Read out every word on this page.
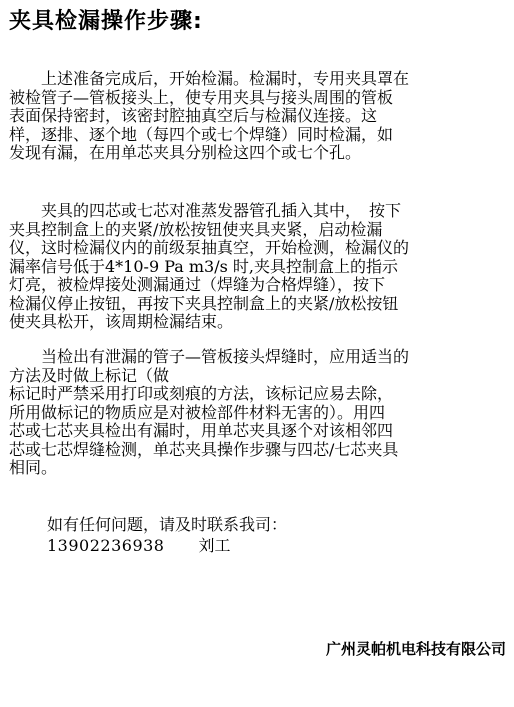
夹具检漏操作步骤:
　　上述准备完成后，开始检漏。检漏时，专用夹具罩在
被检管子—管板接头上，使专用夹具与接头周围的管板
表面保持密封，该密封腔抽真空后与检漏仪连接。这
样，逐排、逐个地（每四个或七个焊缝）同时检漏，如
发现有漏，在用单芯夹具分别检这四个或七个孔。
　　夹具的四芯或七芯对准蒸发器管孔插入其中，　按下
夹具控制盒上的夹紧/放松按钮使夹具夹紧，启动检漏
仪，这时检漏仪内的前级泵抽真空，开始检测，检漏仪的
漏率信号低于4*10-9 Pa m3/s 时,夹具控制盒上的指示
灯亮，被检焊接处测漏通过（焊缝为合格焊缝），按下
检漏仪停止按钮，再按下夹具控制盒上的夹紧/放松按钮
使夹具松开，该周期检漏结束。
　　当检出有泄漏的管子—管板接头焊缝时，应用适当的
方法及时做上标记（做
标记时严禁采用打印或刻痕的方法，该标记应易去除，
所用做标记的物质应是对被检部件材料无害的）。用四
芯或七芯夹具检出有漏时，用单芯夹具逐个对该相邻四
芯或七芯焊缝检测，单芯夹具操作步骤与四芯/七芯夹具
相同。
如有任何问题，请及时联系我司：
13902236938 刘工
广州灵帕机电科技有限公司
